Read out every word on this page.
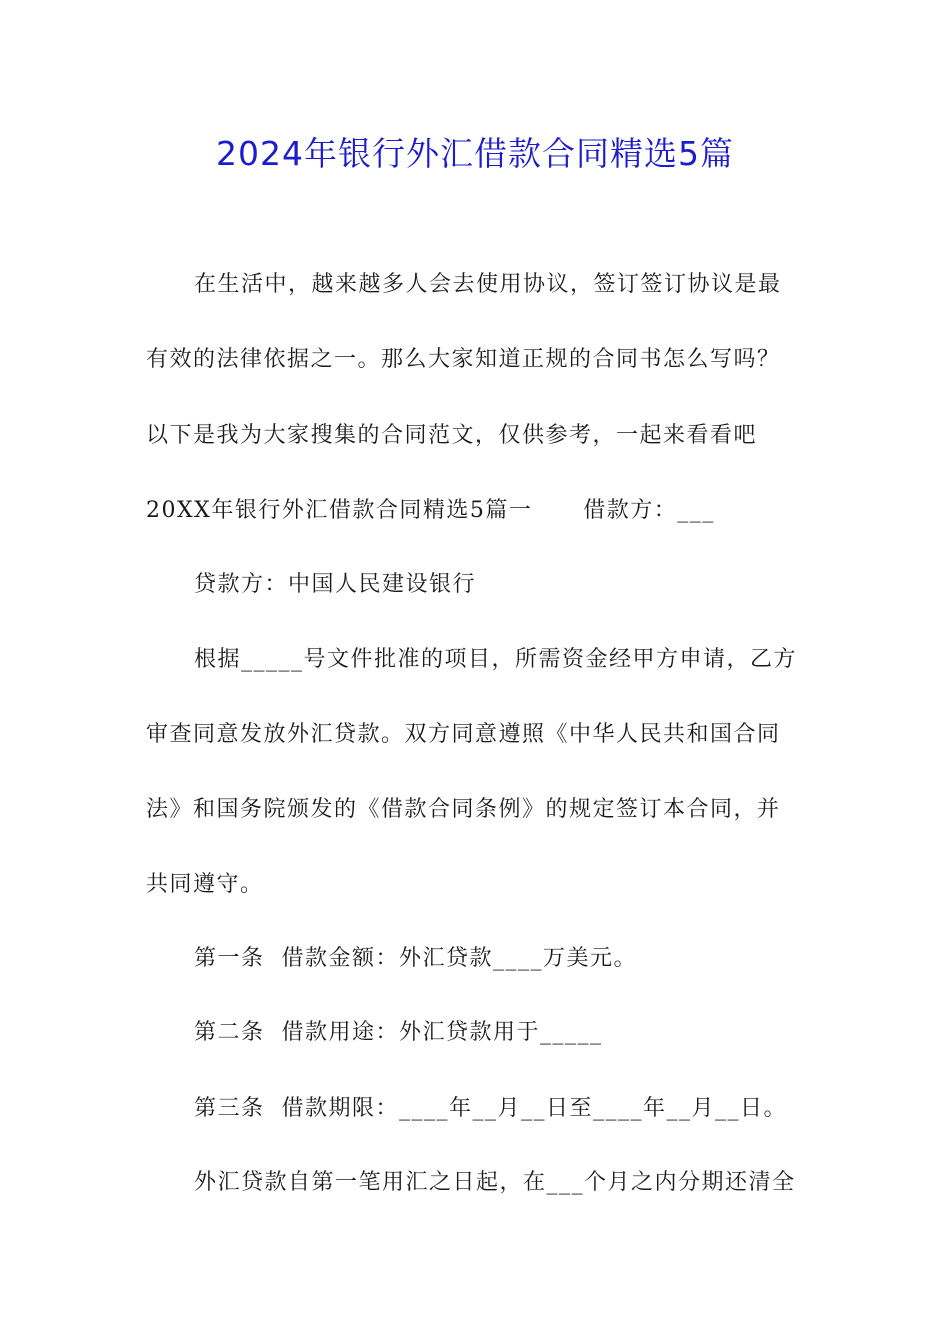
2024年银行外汇借款合同精选5篇
在生活中，越来越多人会去使用协议，签订签订协议是最
有效的法律依据之一。那么大家知道正规的合同书怎么写吗？
以下是我为大家搜集的合同范文，仅供参考，一起来看看吧
20XX年银行外汇借款合同精选5篇一      借款方：___
贷款方：中国人民建设银行
根据_____号文件批准的项目，所需资金经甲方申请，乙方
审查同意发放外汇贷款。双方同意遵照《中华人民共和国合同
法》和国务院颁发的《借款合同条例》的规定签订本合同，并
共同遵守。
第一条  借款金额：外汇贷款____万美元。
第二条  借款用途：外汇贷款用于_____
第三条  借款期限：____年__月__日至____年__月__日。
外汇贷款自第一笔用汇之日起，在___个月之内分期还清全
